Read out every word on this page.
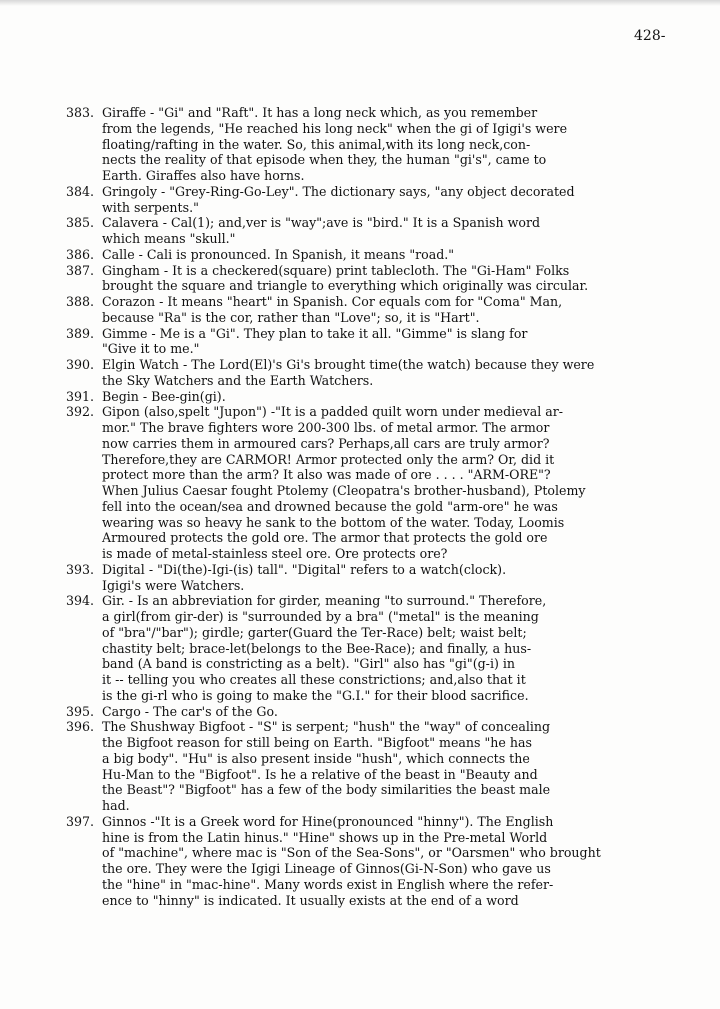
428-
383. Giraffe - "Gi" and "Raft". It has a long neck which, as you remember
from the legends, "He reached his long neck" when the gi of Igigi's were
floating/rafting in the water. So, this animal,with its long neck,con-
nects the reality of that episode when they, the human "gi's", came to
Earth. Giraffes also have horns.
384. Gringoly - "Grey-Ring-Go-Ley". The dictionary says, "any object decorated
with serpents."
385. Calavera - Cal(1); and,ver is "way";ave is "bird." It is a Spanish word
which means "skull."
386. Calle - Cali is pronounced. In Spanish, it means "road."
387. Gingham - It is a checkered(square) print tablecloth. The "Gi-Ham" Folks
brought the square and triangle to everything which originally was circular.
388. Corazon - It means "heart" in Spanish. Cor equals com for "Coma" Man,
because "Ra" is the cor, rather than "Love"; so, it is "Hart".
389. Gimme - Me is a "Gi". They plan to take it all. "Gimme" is slang for
"Give it to me."
390. Elgin Watch - The Lord(El)'s Gi's brought time(the watch) because they were
the Sky Watchers and the Earth Watchers.
391. Begin - Bee-gin(gi).
392. Gipon (also,spelt "Jupon") -"It is a padded quilt worn under medieval ar-
mor." The brave fighters wore 200-300 lbs. of metal armor. The armor
now carries them in armoured cars? Perhaps,all cars are truly armor?
Therefore,they are CARMOR! Armor protected only the arm? Or, did it
protect more than the arm? It also was made of ore . . . . "ARM-ORE"?
When Julius Caesar fought Ptolemy (Cleopatra's brother-husband), Ptolemy
fell into the ocean/sea and drowned because the gold "arm-ore" he was
wearing was so heavy he sank to the bottom of the water. Today, Loomis
Armoured protects the gold ore. The armor that protects the gold ore
is made of metal-stainless steel ore. Ore protects ore?
393. Digital - "Di(the)-Igi-(is) tall". "Digital" refers to a watch(clock).
Igigi's were Watchers.
394. Gir. - Is an abbreviation for girder, meaning "to surround." Therefore,
a girl(from gir-der) is "surrounded by a bra" ("metal" is the meaning
of "bra"/"bar"); girdle; garter(Guard the Ter-Race) belt; waist belt;
chastity belt; brace-let(belongs to the Bee-Race); and finally, a hus-
band (A band is constricting as a belt). "Girl" also has "gi"(g-i) in
it -- telling you who creates all these constrictions; and,also that it
is the gi-rl who is going to make the "G.I." for their blood sacrifice.
395. Cargo - The car's of the Go.
396. The Shushway Bigfoot - "S" is serpent; "hush" the "way" of concealing
the Bigfoot reason for still being on Earth. "Bigfoot" means "he has
a big body". "Hu" is also present inside "hush", which connects the
Hu-Man to the "Bigfoot". Is he a relative of the beast in "Beauty and
the Beast"? "Bigfoot" has a few of the body similarities the beast male
had.
397. Ginnos -"It is a Greek word for Hine(pronounced "hinny"). The English
hine is from the Latin hinus." "Hine" shows up in the Pre-metal World
of "machine", where mac is "Son of the Sea-Sons", or "Oarsmen" who brought
the ore. They were the Igigi Lineage of Ginnos(Gi-N-Son) who gave us
the "hine" in "mac-hine". Many words exist in English where the refer-
ence to "hinny" is indicated. It usually exists at the end of a word
